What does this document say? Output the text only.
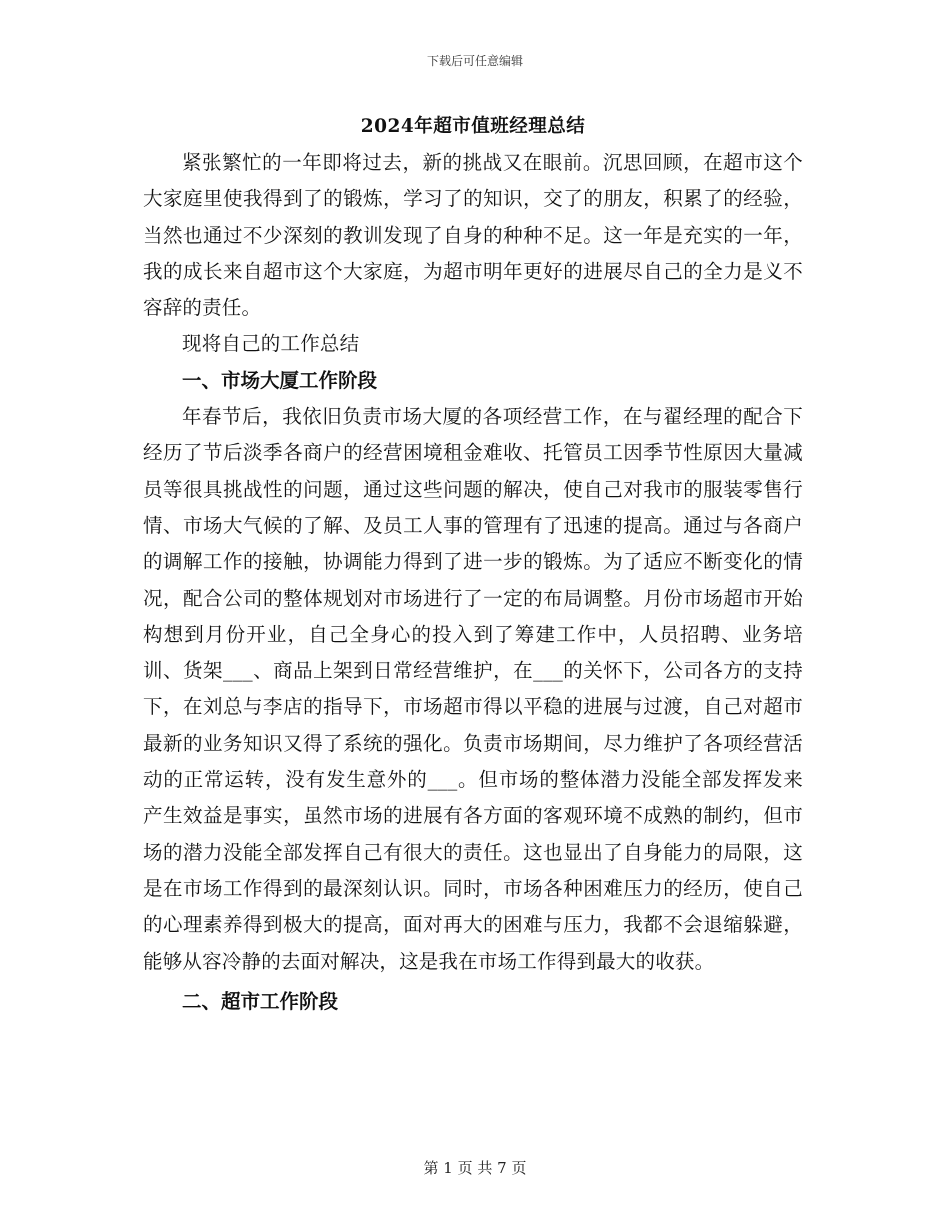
下载后可任意编辑
2024年超市值班经理总结

紧张繁忙的一年即将过去，新的挑战又在眼前。沉思回顾，在超市这个大家庭里使我得到了的锻炼，学习了的知识，交了的朋友，积累了的经验，当然也通过不少深刻的教训发现了自身的种种不足。这一年是充实的一年，我的成长来自超市这个大家庭，为超市明年更好的进展尽自己的全力是义不容辞的责任。

现将自己的工作总结

一、市场大厦工作阶段

年春节后，我依旧负责市场大厦的各项经营工作，在与翟经理的配合下经历了节后淡季各商户的经营困境租金难收、托管员工因季节性原因大量减员等很具挑战性的问题，通过这些问题的解决，使自己对我市的服装零售行情、市场大气候的了解、及员工人事的管理有了迅速的提高。通过与各商户的调解工作的接触，协调能力得到了进一步的锻炼。为了适应不断变化的情况，配合公司的整体规划对市场进行了一定的布局调整。月份市场超市开始构想到月份开业，自己全身心的投入到了筹建工作中，人员招聘、业务培训、货架___、商品上架到日常经营维护，在___的关怀下，公司各方的支持下，在刘总与李店的指导下，市场超市得以平稳的进展与过渡，自己对超市最新的业务知识又得了系统的强化。负责市场期间，尽力维护了各项经营活动的正常运转，没有发生意外的___。但市场的整体潜力没能全部发挥发来产生效益是事实，虽然市场的进展有各方面的客观环境不成熟的制约，但市场的潜力没能全部发挥自己有很大的责任。这也显出了自身能力的局限，这是在市场工作得到的最深刻认识。同时，市场各种困难压力的经历，使自己的心理素养得到极大的提高，面对再大的困难与压力，我都不会退缩躲避，能够从容冷静的去面对解决，这是我在市场工作得到最大的收获。

二、超市工作阶段
第 1 页 共 7 页
